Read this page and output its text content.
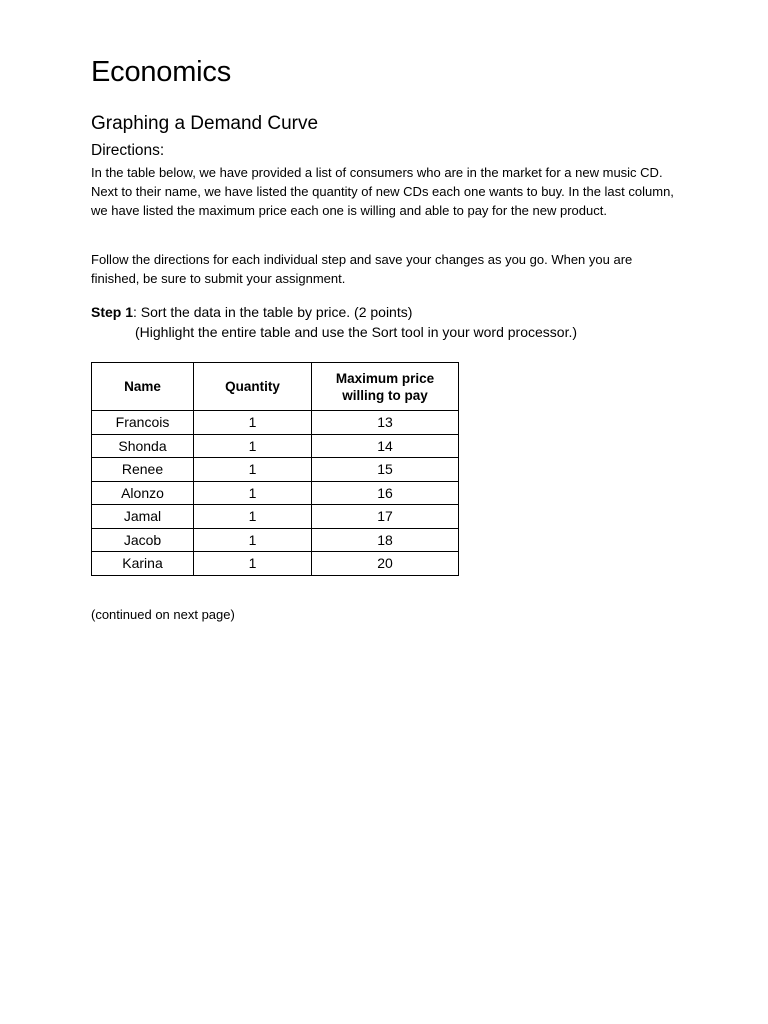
Economics
Graphing a Demand Curve
Directions:

In the table below, we have provided a list of consumers who are in the market for a new music CD. Next to their name, we have listed the quantity of new CDs each one wants to buy. In the last column, we have listed the maximum price each one is willing and able to pay for the new product.

Follow the directions for each individual step and save your changes as you go. When you are finished, be sure to submit your assignment.

Step 1: Sort the data in the table by price. (2 points)

(Highlight the entire table and use the Sort tool in your word processor.)

Name	Quantity	Maximum price willing to pay
Francois	1	13
Shonda	1	14
Renee	1	15
Alonzo	1	16
Jamal	1	17
Jacob	1	18
Karina	1	20

(continued on next page)
